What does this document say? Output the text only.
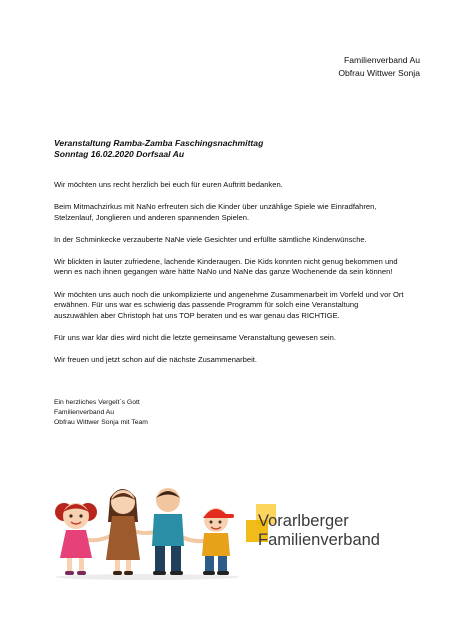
Familienverband Au
Obfrau Wittwer Sonja
Veranstaltung Ramba-Zamba Faschingsnachmittag
Sonntag 16.02.2020 Dorfsaal Au

Wir möchten uns recht herzlich bei euch für euren Auftritt bedanken.

Beim Mitmachzirkus mit NaNo erfreuten sich die Kinder über unzählige Spiele wie Einradfahren, Stelzenlauf, Jonglieren und anderen spannenden Spielen.

In der Schminkecke verzauberte NaNe viele Gesichter und erfüllte sämtliche Kinderwünsche.

Wir blickten in lauter zufriedene, lachende Kinderaugen. Die Kids konnten nicht genug bekommen und wenn es nach ihnen gegangen wäre hätte NaNo und NaNe das ganze Wochenende da sein können!

Wir möchten uns auch noch die unkomplizierte und angenehme Zusammenarbeit im Vorfeld und vor Ort erwähnen. Für uns war es schwierig das passende Programm für solch eine Veranstaltung auszuwählen aber Christoph hat uns TOP beraten und es war genau das RICHTIGE.

Für uns war klar dies wird nicht die letzte gemeinsame Veranstaltung gewesen sein.

Wir freuen und jetzt schon auf die nächste Zusammenarbeit.

Ein herzliches Vergelt`s Gott
Familienverband Au
Obfrau Wittwer Sonja mit Team
Vorarlberger
Familienverband
